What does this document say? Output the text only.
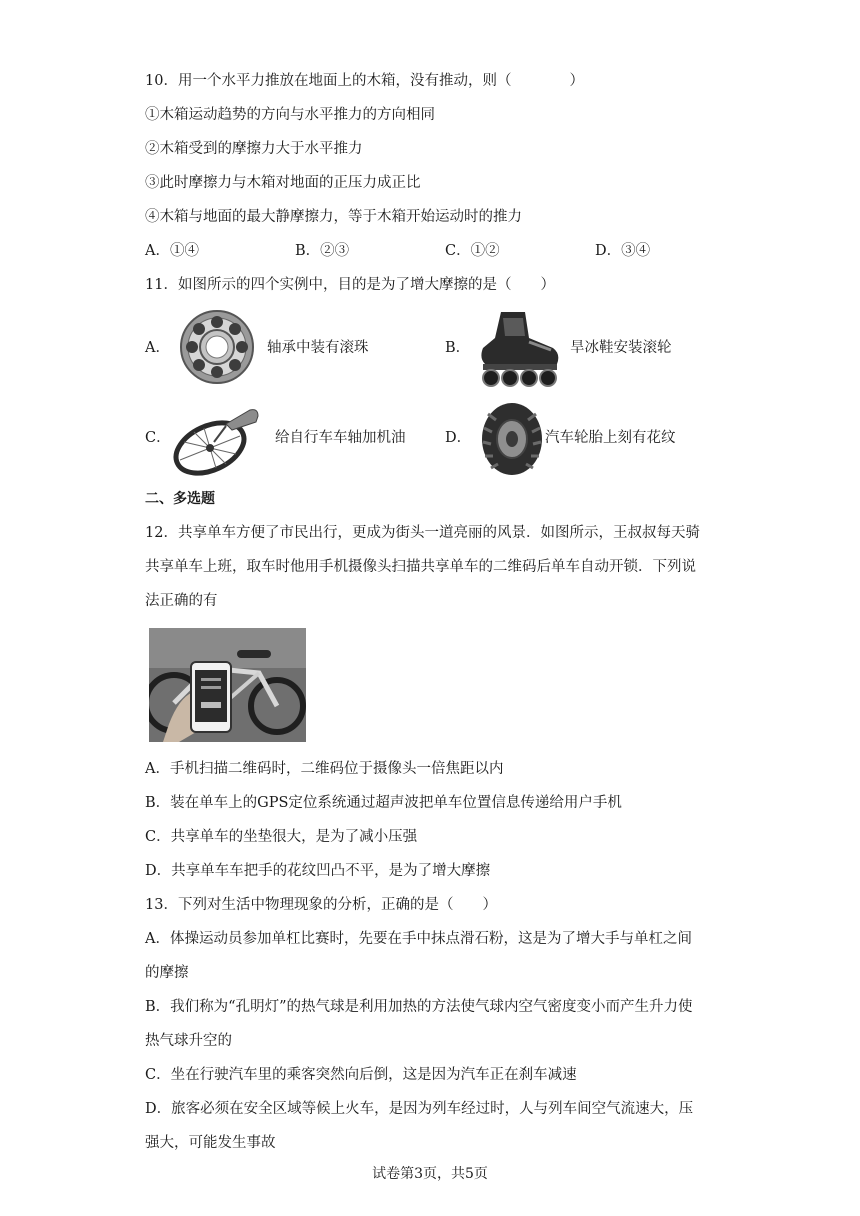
10．用一个水平力推放在地面上的木箱，没有推动，则（　　　　）
①木箱运动趋势的方向与水平推力的方向相同
②木箱受到的摩擦力大于水平推力
③此时摩擦力与木箱对地面的正压力成正比
④木箱与地面的最大静摩擦力，等于木箱开始运动时的推力
A．①④	B．②③	C．①②	D．③④
11．如图所示的四个实例中，目的是为了增大摩擦的是（　　）
A．	轴承中装有滚珠	B．	旱冰鞋安装滚轮
C．	给自行车车轴加机油	D．	汽车轮胎上刻有花纹
二、多选题
12．共享单车方便了市民出行，更成为街头一道亮丽的风景．如图所示，王叔叔每天骑
共享单车上班，取车时他用手机摄像头扫描共享单车的二维码后单车自动开锁．下列说
法正确的有
A．手机扫描二维码时，二维码位于摄像头一倍焦距以内
B．装在单车上的GPS定位系统通过超声波把单车位置信息传递给用户手机
C．共享单车的坐垫很大，是为了减小压强
D．共享单车车把手的花纹凹凸不平，是为了增大摩擦
13．下列对生活中物理现象的分析，正确的是（　　）
A．体操运动员参加单杠比赛时，先要在手中抹点滑石粉，这是为了增大手与单杠之间
的摩擦
B．我们称为“孔明灯”的热气球是利用加热的方法使气球内空气密度变小而产生升力使
热气球升空的
C．坐在行驶汽车里的乘客突然向后倒，这是因为汽车正在刹车减速
D．旅客必须在安全区域等候上火车，是因为列车经过时，人与列车间空气流速大，压
强大，可能发生事故
试卷第3页，共5页
